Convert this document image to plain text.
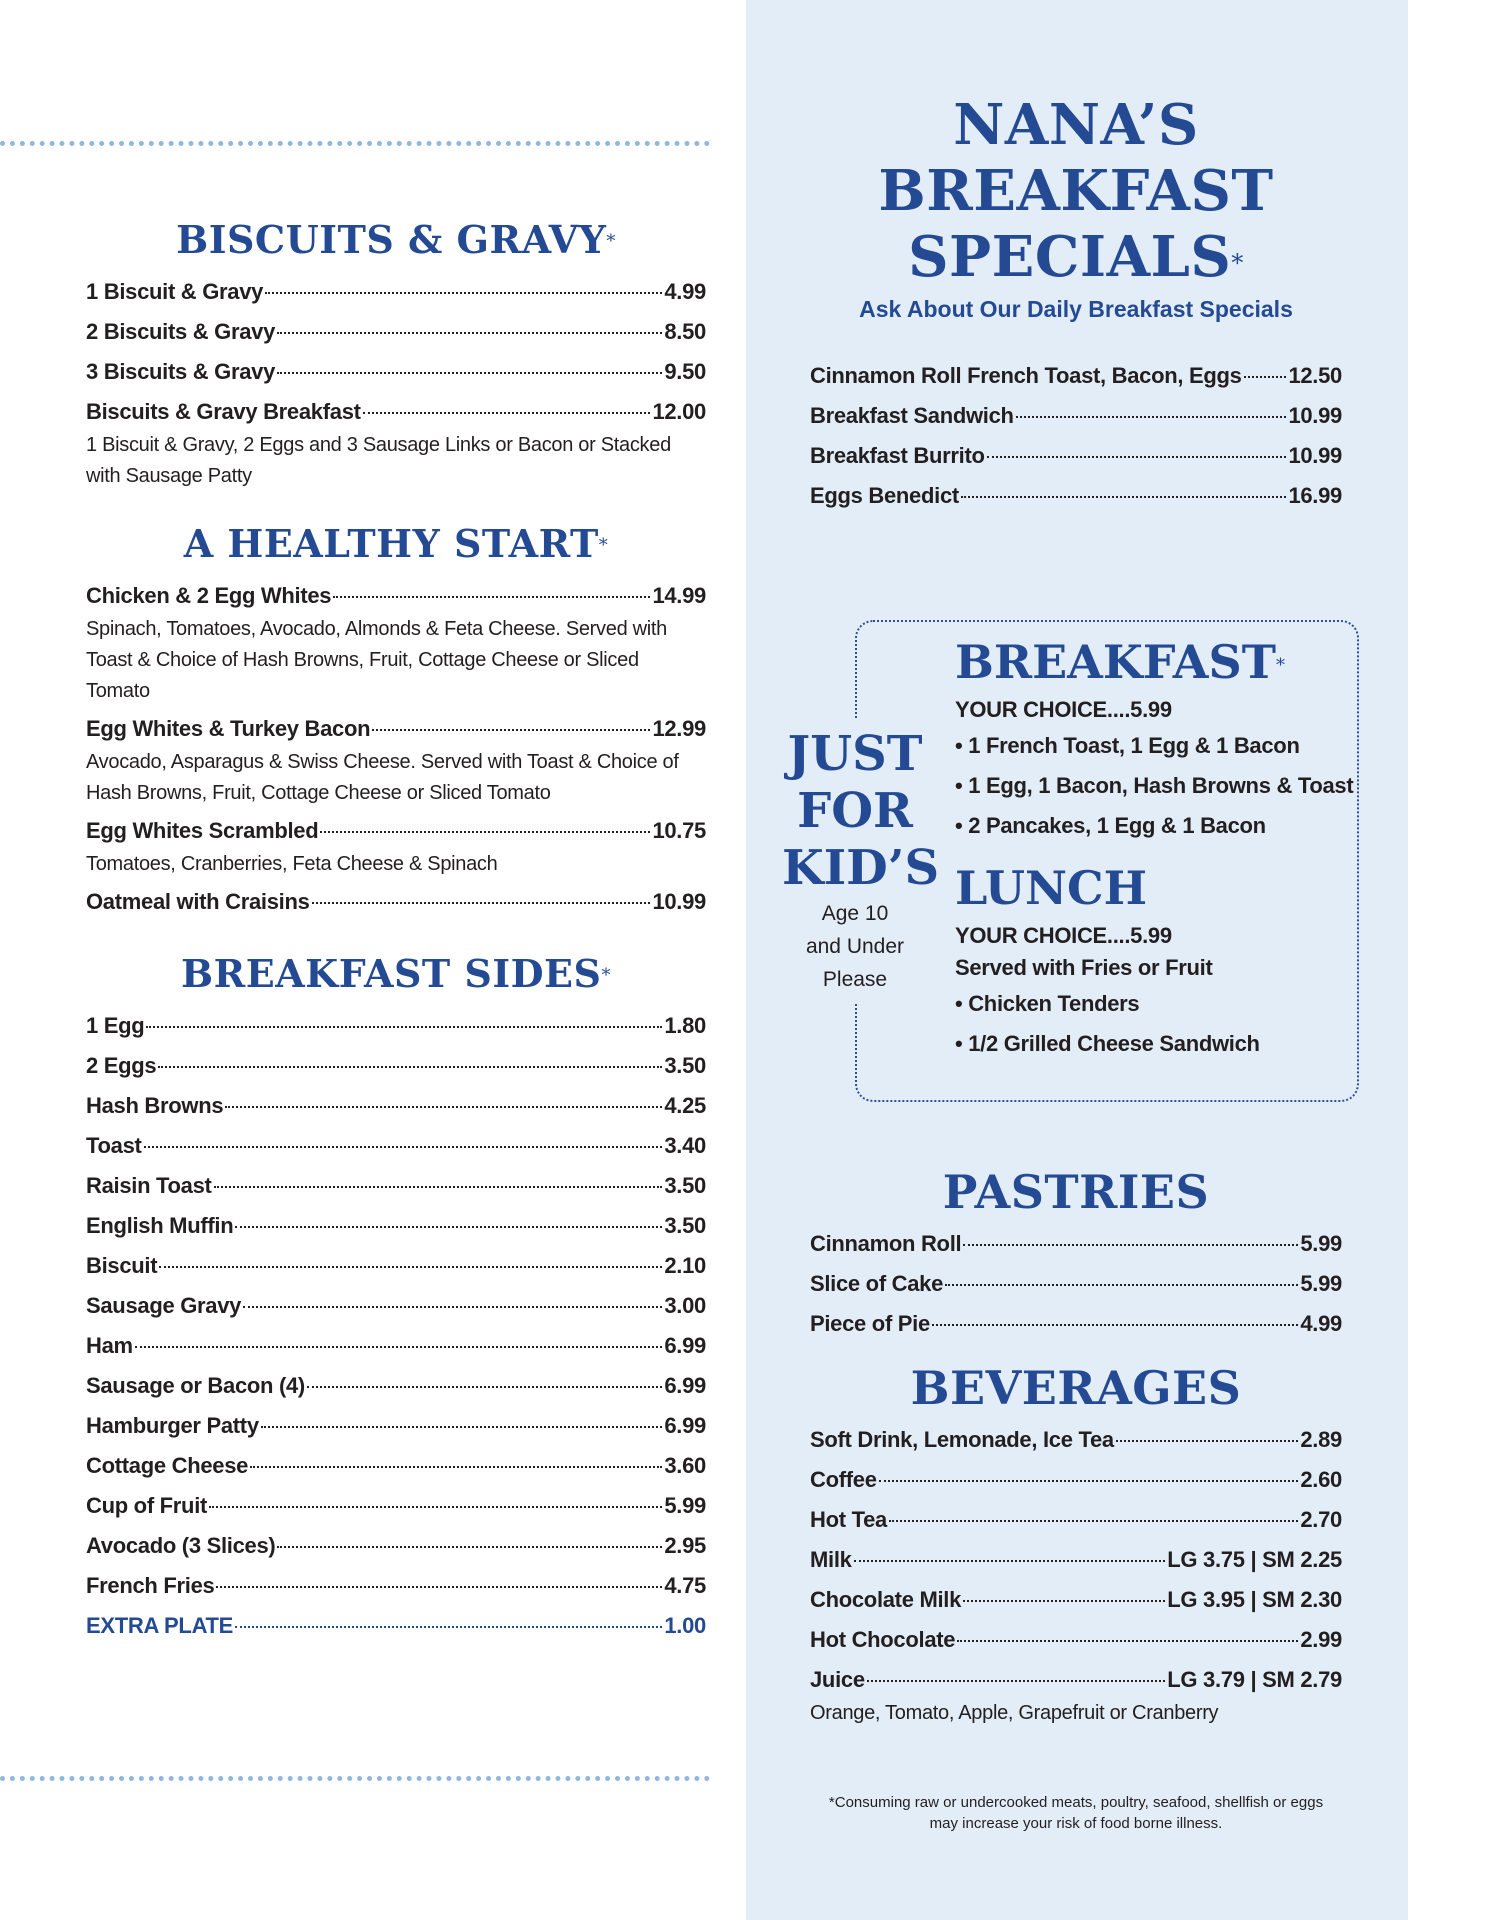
BISCUITS & GRAVY*
1 Biscuit & Gravy	4.99
2 Biscuits & Gravy	8.50
3 Biscuits & Gravy	9.50
Biscuits & Gravy Breakfast	12.00

1 Biscuit & Gravy, 2 Eggs and 3 Sausage Links or Bacon or Stacked with Sausage Patty

A HEALTHY START*
Chicken & 2 Egg Whites	14.99

Spinach, Tomatoes, Avocado, Almonds & Feta Cheese. Served with Toast & Choice of Hash Browns, Fruit, Cottage Cheese or Sliced Tomato

Egg Whites & Turkey Bacon	12.99

Avocado, Asparagus & Swiss Cheese. Served with Toast & Choice of Hash Browns, Fruit, Cottage Cheese or Sliced Tomato

Egg Whites Scrambled	10.75

Tomatoes, Cranberries, Feta Cheese & Spinach

Oatmeal with Craisins	10.99
BREAKFAST SIDES*
1 Egg	1.80
2 Eggs	3.50
Hash Browns	4.25
Toast	3.40
Raisin Toast	3.50
English Muffin	3.50
Biscuit	2.10
Sausage Gravy	3.00
Ham	6.99
Sausage or Bacon (4)	6.99
Hamburger Patty	6.99
Cottage Cheese	3.60
Cup of Fruit	5.99
Avocado (3 Slices)	2.95
French Fries	4.75
EXTRA PLATE	1.00
NANA’S
BREAKFAST
SPECIALS*
Ask About Our Daily Breakfast Specials
Cinnamon Roll French Toast, Bacon, Eggs 12.50
Breakfast Sandwich	10.99
Breakfast Burrito	10.99
Eggs Benedict	16.99
JUST
FOR
KID’S
Age 10
and Under
Please
BREAKFAST*
YOUR CHOICE....5.99
• 1 French Toast, 1 Egg & 1 Bacon
• 1 Egg, 1 Bacon, Hash Browns & Toast
• 2 Pancakes, 1 Egg & 1 Bacon
LUNCH
YOUR CHOICE....5.99
Served with Fries or Fruit
• Chicken Tenders
• 1/2 Grilled Cheese Sandwich
PASTRIES
Cinnamon Roll	5.99
Slice of Cake	5.99
Piece of Pie	4.99
BEVERAGES
Soft Drink, Lemonade, Ice Tea	2.89
Coffee	2.60
Hot Tea	2.70
Milk	LG 3.75 | SM 2.25
Chocolate Milk	LG 3.95 | SM 2.30
Hot Chocolate	2.99
Juice	LG 3.79 | SM 2.79

Orange, Tomato, Apple, Grapefruit or Cranberry

*Consuming raw or undercooked meats, poultry, seafood, shellfish or eggs
may increase your risk of food borne illness.
